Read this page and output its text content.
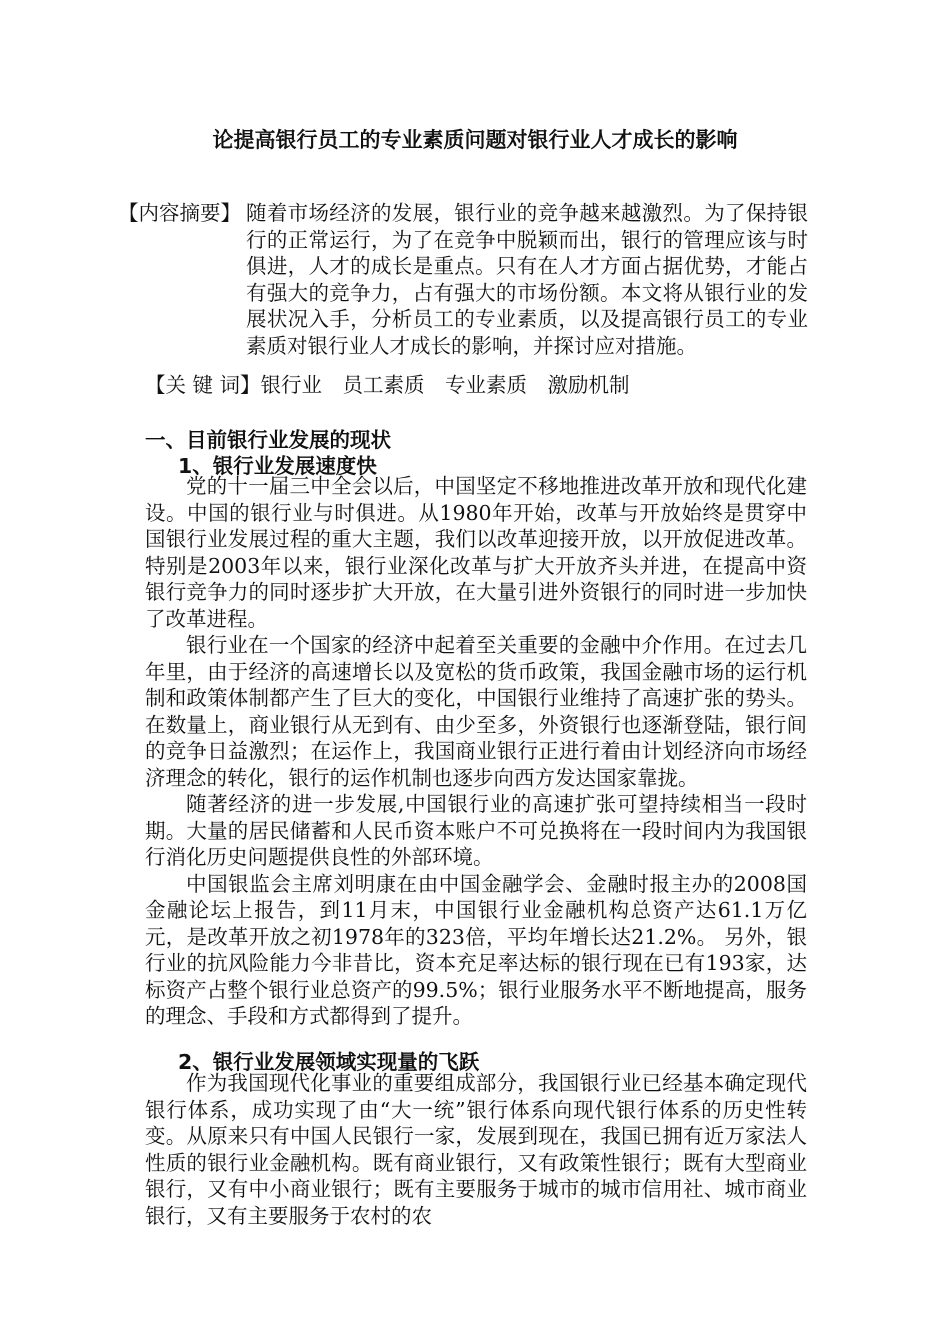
论提高银行员工的专业素质问题对银行业人才成长的影响
【内容摘要】 随着市场经济的发展，银行业的竞争越来越激烈。为了保持银行的正常运行，为了在竞争中脱颖而出，银行的管理应该与时俱进，人才的成长是重点。只有在人才方面占据优势，才能占有强大的竞争力，占有强大的市场份额。本文将从银行业的发展状况入手，分析员工的专业素质，以及提高银行员工的专业素质对银行业人才成长的影响，并探讨应对措施。
【关 键 词】银行业　 员工素质　 专业素质　 激励机制
一、目前银行业发展的现状
1、银行业发展速度快

党的十一届三中全会以后，中国坚定不移地推进改革开放和现代化建设。中国的银行业与时俱进。从1980年开始，改革与开放始终是贯穿中国银行业发展过程的重大主题，我们以改革迎接开放，以开放促进改革。特别是2003年以来，银行业深化改革与扩大开放齐头并进，在提高中资银行竞争力的同时逐步扩大开放，在大量引进外资银行的同时进一步加快了改革进程。

银行业在一个国家的经济中起着至关重要的金融中介作用。在过去几年里，由于经济的高速增长以及宽松的货币政策，我国金融市场的运行机制和政策体制都产生了巨大的变化，中国银行业维持了高速扩张的势头。在数量上，商业银行从无到有、由少至多，外资银行也逐渐登陆，银行间的竞争日益激烈；在运作上，我国商业银行正进行着由计划经济向市场经济理念的转化，银行的运作机制也逐步向西方发达国家靠拢。

随著经济的进一步发展,中国银行业的高速扩张可望持续相当一段时期。大量的居民储蓄和人民币资本账户不可兑换将在一段时间内为我国银行消化历史问题提供良性的外部环境。

中国银监会主席刘明康在由中国金融学会、金融时报主办的2008国金融论坛上报告，到11月末，中国银行业金融机构总资产达61.1万亿元，是改革开放之初1978年的323倍，平均年增长达21.2%。 另外，银行业的抗风险能力今非昔比，资本充足率达标的银行现在已有193家，达标资产占整个银行业总资产的99.5%；银行业服务水平不断地提高，服务的理念、手段和方式都得到了提升。

2、银行业发展领域实现量的飞跃

作为我国现代化事业的重要组成部分，我国银行业已经基本确定现代银行体系，成功实现了由“大一统”银行体系向现代银行体系的历史性转变。从原来只有中国人民银行一家，发展到现在，我国已拥有近万家法人性质的银行业金融机构。既有商业银行，又有政策性银行；既有大型商业银行，又有中小商业银行；既有主要服务于城市的城市信用社、城市商业银行，又有主要服务于农村的农
